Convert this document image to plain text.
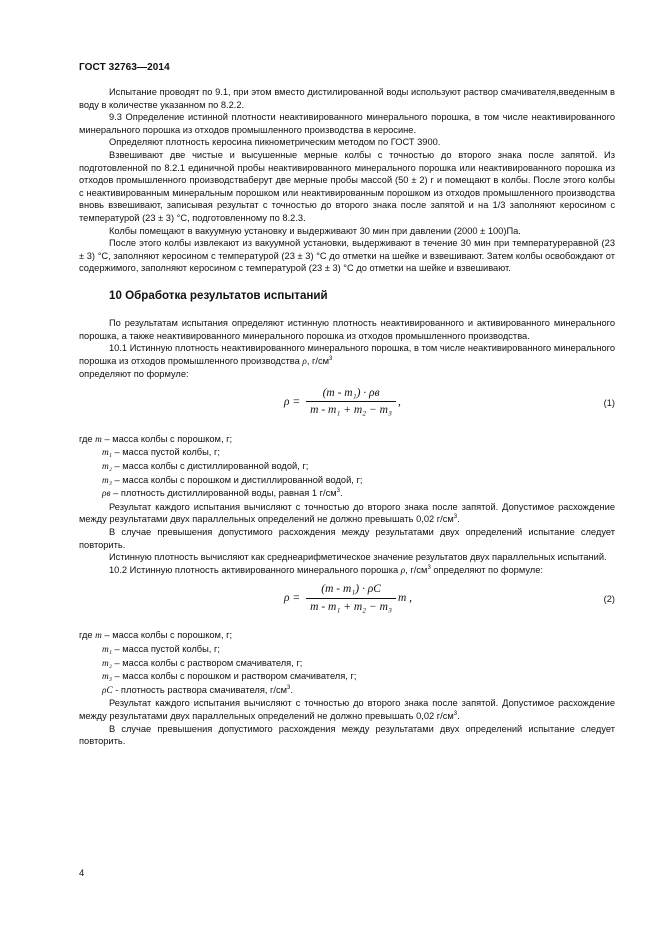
ГОСТ 32763—2014

Испытание проводят по 9.1, при этом вместо дистилированной воды используют раствор смачивателя,введенным в воду в количестве указанном по 8.2.2.

9.3 Определение истинной плотности неактивированного минерального порошка, в том числе неактивированного минерального порошка из отходов промышленного производства в керосине.

Определяют плотность керосина пикнометрическим методом по ГОСТ 3900.

Взвешивают две чистые и высушенные мерные колбы с точностью до второго знака после запятой. Из подготовленной по 8.2.1 единичной пробы неактивированного минерального порошка или неактивированного порошка из отходов промышленного производстваберут две мерные пробы массой (50 ± 2) г и помещают в колбы. После этого колбы с неактивированным минеральным порошком или неактивированным порошком из отходов промышленного производства вновь взвешивают, записывая результат с точностью до второго знака после запятой и на 1/3 заполняют керосином с температурой (23 ± 3) °С, подготовленному по 8.2.3.

Колбы помещают в вакуумную установку и выдерживают 30 мин при давлении (2000 ± 100)Па.

После этого колбы извлекают из вакуумной установки, выдерживают в течение 30 мин при температуреравной (23 ± 3) °С, заполняют керосином с температурой (23 ± 3) °С до отметки на шейке и взвешивают. Затем колбы освобождают от содержимого, заполняют керосином с температурой (23 ± 3) °С до отметки на шейке и взвешивают.

10 Обработка результатов испытаний

По результатам испытания определяют истинную плотность неактивированного и активированного минерального порошка, а также неактивированного минерального порошка из отходов промышленного производства.

10.1 Истинную плотность неактивированного минерального порошка, в том числе неактивированного минерального порошка из отходов промышленного производства ρ, $г/см^3$
определяют по формуле:

$\rho = \frac{\text{(m - m₁) · ρв}}{\text{m - m₁ + m₂ − m₃}}$ ,	(1)

где m – масса колбы с порошком, г;

m₁ – масса пустой колбы, г;

m₂ – масса колбы с дистиллированной водой, г;

m₃ – масса колбы с порошком и дистиллированной водой, г;

ρв – плотность дистиллированной воды, равная 1 $г/см^3$.

Результат каждого испытания вычисляют с точностью до второго знака после запятой. Допустимое расхождение между результатами двух параллельных определений не должно превышать 0,02 $г/см^3$.

В случае превышения допустимого расхождения между результатами двух определений испытание следует повторить.

Истинную плотность вычисляют как среднеарифметическое значение результатов двух параллельных испытаний.

10.2 Истинную плотность активированного минерального порошка ρ, $г/см^3$ определяют по формуле:

$\rho = \frac{\text{(m - m₁) · ρC}}{\text{m - m₁ + m₂ − m₃}}$ m ,	(2)

где m – масса колбы с порошком, г;

m₁ – масса пустой колбы, г;

m₂ – масса колбы с раствором смачивателя, г;

m₃ – масса колбы с порошком и раствором смачивателя, г;

ρC - плотность раствора смачивателя, $г/см^3$.

Результат каждого испытания вычисляют с точностью до второго знака после запятой. Допустимое расхождение между результатами двух параллельных определений не должно превышать 0,02 $г/см^3$.

В случае превышения допустимого расхождения между результатами двух определений испытание следует повторить.

4
